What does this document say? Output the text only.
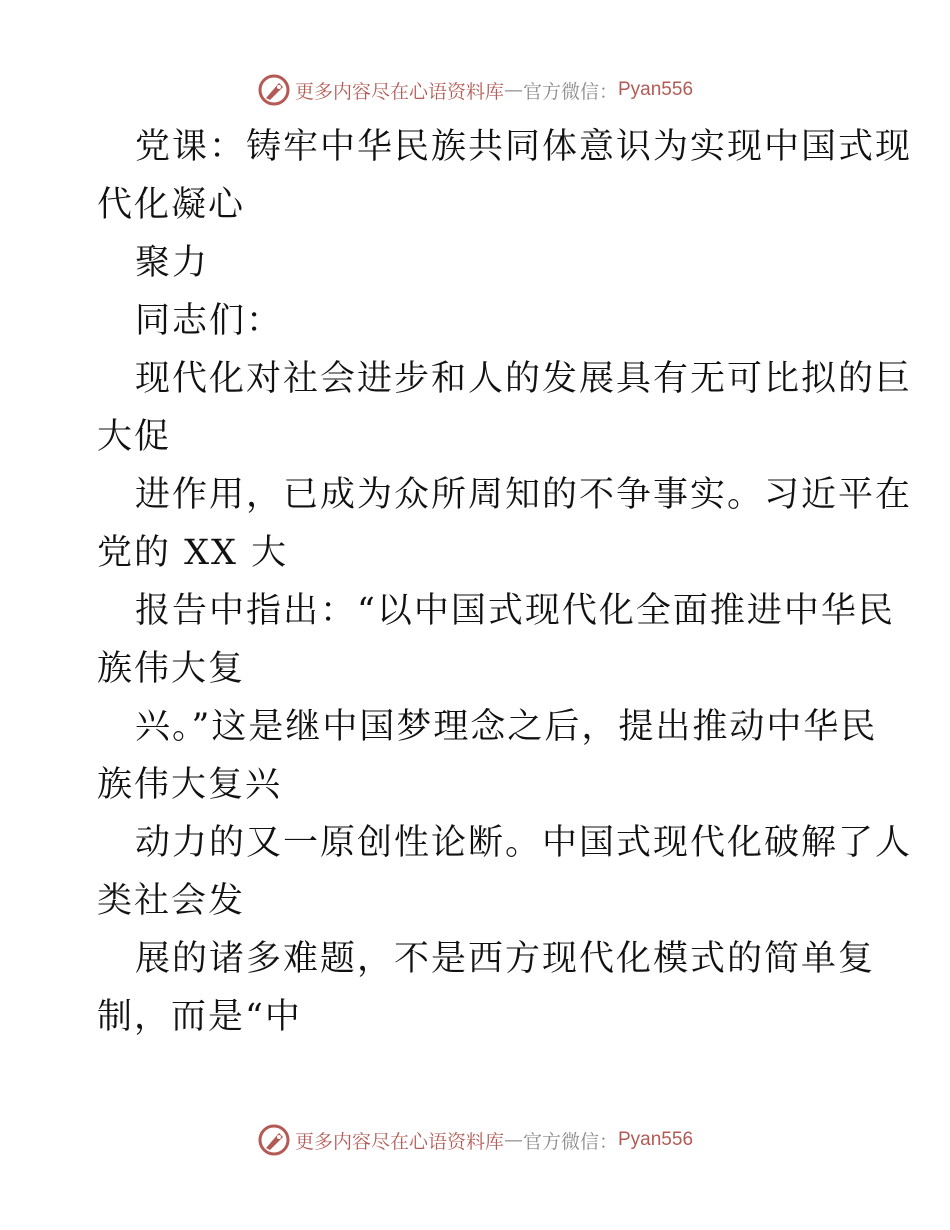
更多内容尽在心语资料库 — 官方微信： Pyan556
党课：铸牢中华民族共同体意识为实现中国式现
代化凝心
聚力
同志们：
现代化对社会进步和人的发展具有无可比拟的巨
大促
进作用，已成为众所周知的不争事实。习近平在
党的 XX 大
报告中指出：“以中国式现代化全面推进中华民
族伟大复
兴。”这是继中国梦理念之后，提出推动中华民
族伟大复兴
动力的又一原创性论断。中国式现代化破解了人
类社会发
展的诸多难题，不是西方现代化模式的简单复
制，而是“中
更多内容尽在心语资料库 — 官方微信： Pyan556
